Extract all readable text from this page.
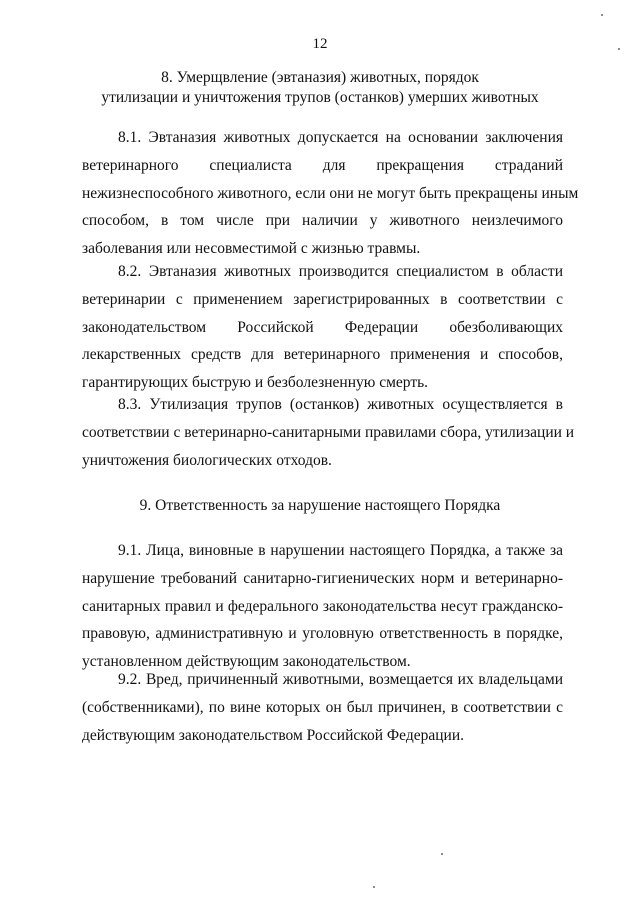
12
8. Умерщвление (эвтаназия) животных, порядок
утилизации и уничтожения трупов (останков) умерших животных
8.1. Эвтаназия животных допускается на основании заключения
ветеринарного специалиста для прекращения страданий
нежизнеспособного животного, если они не могут быть прекращены иным
способом, в том числе при наличии у животного неизлечимого
заболевания или несовместимой с жизнью травмы.
8.2. Эвтаназия животных производится специалистом в области
ветеринарии с применением зарегистрированных в соответствии с
законодательством Российской Федерации обезболивающих
лекарственных средств для ветеринарного применения и способов,
гарантирующих быструю и безболезненную смерть.
8.3. Утилизация трупов (останков) животных осуществляется в
соответствии с ветеринарно-санитарными правилами сбора, утилизации и
уничтожения биологических отходов.
9. Ответственность за нарушение настоящего Порядка
9.1. Лица, виновные в нарушении настоящего Порядка, а также за
нарушение требований санитарно-гигиенических норм и ветеринарно-
санитарных правил и федерального законодательства несут гражданско-
правовую, административную и уголовную ответственность в порядке,
установленном действующим законодательством.
9.2. Вред, причиненный животными, возмещается их владельцами
(собственниками), по вине которых он был причинен, в соответствии с
действующим законодательством Российской Федерации.
